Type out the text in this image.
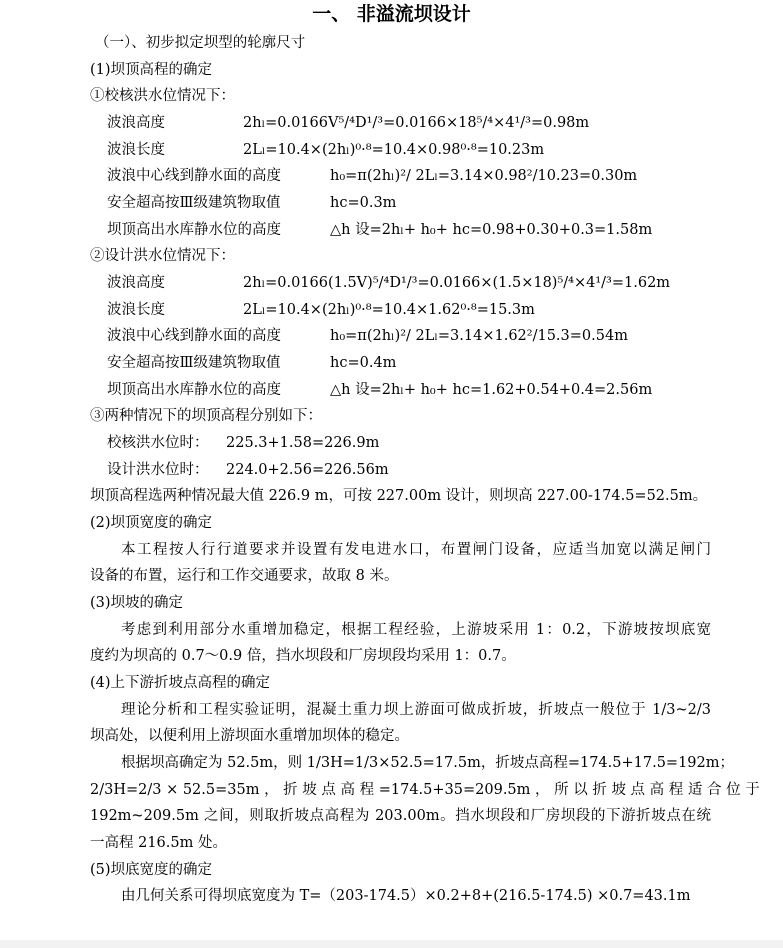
一、 非溢流坝设计
（一）、初步拟定坝型的轮廓尺寸
(1)坝顶高程的确定
①校核洪水位情况下：
波浪高度	2hₗ=0.0166V⁵/⁴D¹/³=0.0166×18⁵/⁴×4¹/³=0.98m
波浪长度	2Lₗ=10.4×(2hₗ)⁰·⁸=10.4×0.98⁰·⁸=10.23m
波浪中心线到静水面的高度	h₀=π(2hₗ)²/ 2Lₗ=3.14×0.98²/10.23=0.30m
安全超高按Ⅲ级建筑物取值	hc=0.3m
坝顶高出水库静水位的高度	△h 设=2hₗ+ h₀+ hc=0.98+0.30+0.3=1.58m
②设计洪水位情况下：
波浪高度	2hₗ=0.0166(1.5V)⁵/⁴D¹/³=0.0166×(1.5×18)⁵/⁴×4¹/³=1.62m
波浪长度	2Lₗ=10.4×(2hₗ)⁰·⁸=10.4×1.62⁰·⁸=15.3m
波浪中心线到静水面的高度	h₀=π(2hₗ)²/ 2Lₗ=3.14×1.62²/15.3=0.54m
安全超高按Ⅲ级建筑物取值	hc=0.4m
坝顶高出水库静水位的高度	△h 设=2hₗ+ h₀+ hc=1.62+0.54+0.4=2.56m
③两种情况下的坝顶高程分别如下：
校核洪水位时： 225.3+1.58=226.9m
设计洪水位时： 224.0+2.56=226.56m
坝顶高程选两种情况最大值 226.9 m，可按 227.00m 设计，则坝高 227.00-174.5=52.5m。
(2)坝顶宽度的确定
本工程按人行行道要求并设置有发电进水口，布置闸门设备，应适当加宽以满足闸门
设备的布置，运行和工作交通要求，故取 8 米。
(3)坝坡的确定
考虑到利用部分水重增加稳定，根据工程经验，上游坡采用 1：0.2，下游坡按坝底宽
度约为坝高的 0.7～0.9 倍，挡水坝段和厂房坝段均采用 1：0.7。
(4)上下游折坡点高程的确定
理论分析和工程实验证明，混凝土重力坝上游面可做成折坡，折坡点一般位于 1/3~2/3
坝高处，以便利用上游坝面水重增加坝体的稳定。
根据坝高确定为 52.5m，则 1/3H=1/3×52.5=17.5m，折坡点高程=174.5+17.5=192m；
2/3H=2/3 × 52.5=35m ， 折 坡 点 高 程 =174.5+35=209.5m ， 所 以 折 坡 点 高 程 适 合 位 于
192m~209.5m 之间，则取折坡点高程为 203.00m。挡水坝段和厂房坝段的下游折坡点在统
一高程 216.5m 处。
(5)坝底宽度的确定
由几何关系可得坝底宽度为 T=（203-174.5）×0.2+8+(216.5-174.5) ×0.7=43.1m
